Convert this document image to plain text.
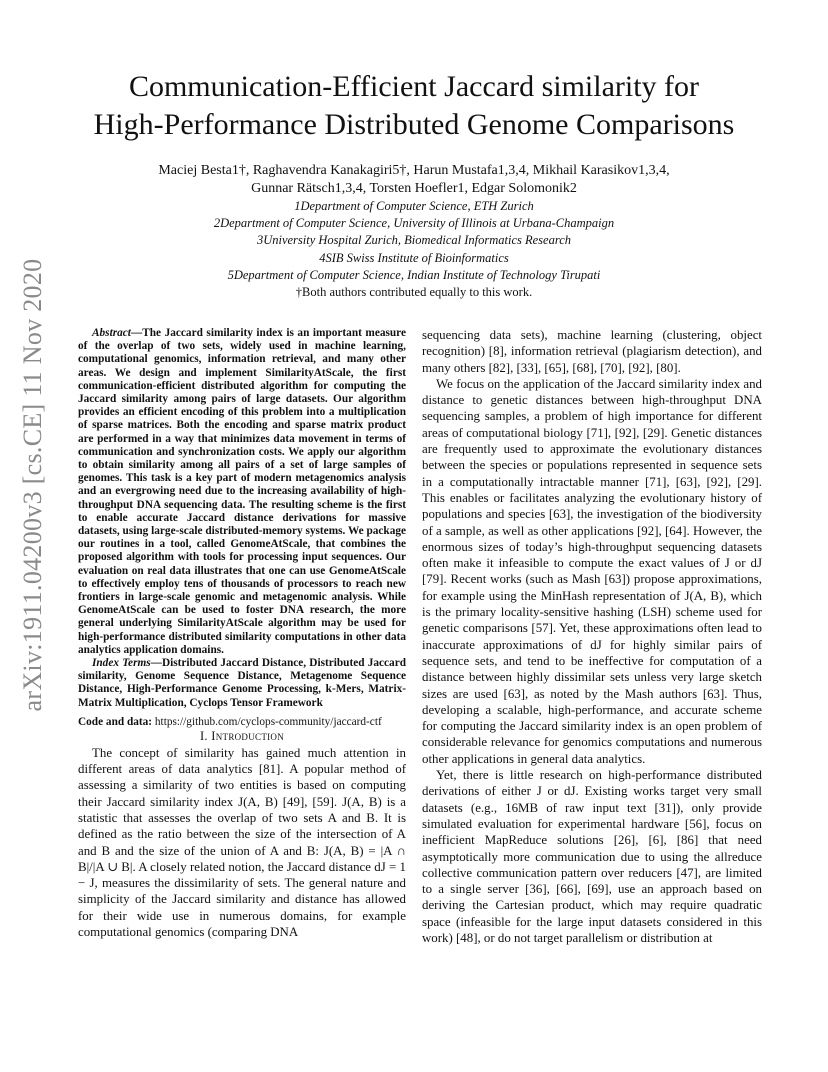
arXiv:1911.04200v3 [cs.CE] 11 Nov 2020
Communication-Efficient Jaccard similarity for
High-Performance Distributed Genome Comparisons
Maciej Besta1†, Raghavendra Kanakagiri5†, Harun Mustafa1,3,4, Mikhail Karasikov1,3,4,
Gunnar Rätsch1,3,4, Torsten Hoefler1, Edgar Solomonik2
1Department of Computer Science, ETH Zurich
2Department of Computer Science, University of Illinois at Urbana-Champaign
3University Hospital Zurich, Biomedical Informatics Research
4SIB Swiss Institute of Bioinformatics
5Department of Computer Science, Indian Institute of Technology Tirupati
†Both authors contributed equally to this work.

Abstract—The Jaccard similarity index is an important measure of the overlap of two sets, widely used in machine learning, computational genomics, information retrieval, and many other areas. We design and implement SimilarityAtScale, the first communication-efficient distributed algorithm for computing the Jaccard similarity among pairs of large datasets. Our algorithm provides an efficient encoding of this problem into a multiplication of sparse matrices. Both the encoding and sparse matrix product are performed in a way that minimizes data movement in terms of communication and synchronization costs. We apply our algorithm to obtain similarity among all pairs of a set of large samples of genomes. This task is a key part of modern metagenomics analysis and an evergrowing need due to the increasing availability of high-throughput DNA sequencing data. The resulting scheme is the first to enable accurate Jaccard distance derivations for massive datasets, using large-scale distributed-memory systems. We package our routines in a tool, called GenomeAtScale, that combines the proposed algorithm with tools for processing input sequences. Our evaluation on real data illustrates that one can use GenomeAtScale to effectively employ tens of thousands of processors to reach new frontiers in large-scale genomic and metagenomic analysis. While GenomeAtScale can be used to foster DNA research, the more general underlying SimilarityAtScale algorithm may be used for high-performance distributed similarity computations in other data analytics application domains.

Index Terms—Distributed Jaccard Distance, Distributed Jaccard similarity, Genome Sequence Distance, Metagenome Sequence Distance, High-Performance Genome Processing, k-Mers, Matrix-Matrix Multiplication, Cyclops Tensor Framework

Code and data: https://github.com/cyclops-community/jaccard-ctf

I. Introduction

The concept of similarity has gained much attention in different areas of data analytics [81]. A popular method of assessing a similarity of two entities is based on computing their Jaccard similarity index J(A, B) [49], [59]. J(A, B) is a statistic that assesses the overlap of two sets A and B. It is defined as the ratio between the size of the intersection of A and B and the size of the union of A and B: J(A, B) = |A ∩ B|/|A ∪ B|. A closely related notion, the Jaccard distance dJ = 1 − J, measures the dissimilarity of sets. The general nature and simplicity of the Jaccard similarity and distance has allowed for their wide use in numerous domains, for example computational genomics (comparing DNA

sequencing data sets), machine learning (clustering, object recognition) [8], information retrieval (plagiarism detection), and many others [82], [33], [65], [68], [70], [92], [80].

We focus on the application of the Jaccard similarity index and distance to genetic distances between high-throughput DNA sequencing samples, a problem of high importance for different areas of computational biology [71], [92], [29]. Genetic distances are frequently used to approximate the evolutionary distances between the species or populations represented in sequence sets in a computationally intractable manner [71], [63], [92], [29]. This enables or facilitates analyzing the evolutionary history of populations and species [63], the investigation of the biodiversity of a sample, as well as other applications [92], [64]. However, the enormous sizes of today’s high-throughput sequencing datasets often make it infeasible to compute the exact values of J or dJ [79]. Recent works (such as Mash [63]) propose approximations, for example using the MinHash representation of J(A, B), which is the primary locality-sensitive hashing (LSH) scheme used for genetic comparisons [57]. Yet, these approximations often lead to inaccurate approximations of dJ for highly similar pairs of sequence sets, and tend to be ineffective for computation of a distance between highly dissimilar sets unless very large sketch sizes are used [63], as noted by the Mash authors [63]. Thus, developing a scalable, high-performance, and accurate scheme for computing the Jaccard similarity index is an open problem of considerable relevance for genomics computations and numerous other applications in general data analytics.

Yet, there is little research on high-performance distributed derivations of either J or dJ. Existing works target very small datasets (e.g., 16MB of raw input text [31]), only provide simulated evaluation for experimental hardware [56], focus on inefficient MapReduce solutions [26], [6], [86] that need asymptotically more communication due to using the allreduce collective communication pattern over reducers [47], are limited to a single server [36], [66], [69], use an approach based on deriving the Cartesian product, which may require quadratic space (infeasible for the large input datasets considered in this work) [48], or do not target parallelism or distribution at
